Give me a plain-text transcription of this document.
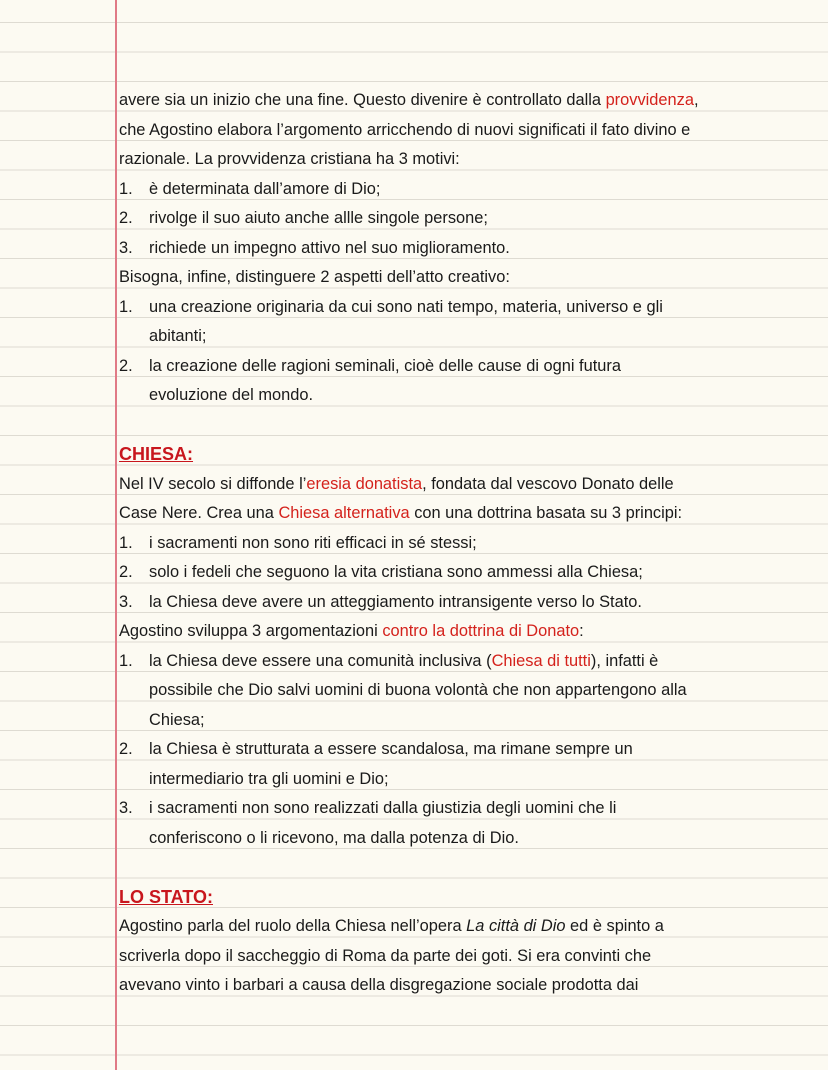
avere sia un inizio che una fine. Questo divenire è controllato dalla provvidenza,
che Agostino elabora l’argomento arricchendo di nuovi significati il fato divino e
razionale. La provvidenza cristiana ha 3 motivi:
1. è determinata dall’amore di Dio;
2. rivolge il suo aiuto anche allle singole persone;
3. richiede un impegno attivo nel suo miglioramento.
Bisogna, infine, distinguere 2 aspetti dell’atto creativo:
1. una creazione originaria da cui sono nati tempo, materia, universo e gli
abitanti;
2. la creazione delle ragioni seminali, cioè delle cause di ogni futura
evoluzione del mondo.
CHIESA:
Nel IV secolo si diffonde l’eresia donatista, fondata dal vescovo Donato delle
Case Nere. Crea una Chiesa alternativa con una dottrina basata su 3 principi:
1. i sacramenti non sono riti efficaci in sé stessi;
2. solo i fedeli che seguono la vita cristiana sono ammessi alla Chiesa;
3. la Chiesa deve avere un atteggiamento intransigente verso lo Stato.
Agostino sviluppa 3 argomentazioni contro la dottrina di Donato:
1. la Chiesa deve essere una comunità inclusiva (Chiesa di tutti), infatti è
possibile che Dio salvi uomini di buona volontà che non appartengono alla
Chiesa;
2. la Chiesa è strutturata a essere scandalosa, ma rimane sempre un
intermediario tra gli uomini e Dio;
3. i sacramenti non sono realizzati dalla giustizia degli uomini che li
conferiscono o li ricevono, ma dalla potenza di Dio.
LO STATO:
Agostino parla del ruolo della Chiesa nell’opera La città di Dio ed è spinto a
scriverla dopo il saccheggio di Roma da parte dei goti. Si era convinti che
avevano vinto i barbari a causa della disgregazione sociale prodotta dai
